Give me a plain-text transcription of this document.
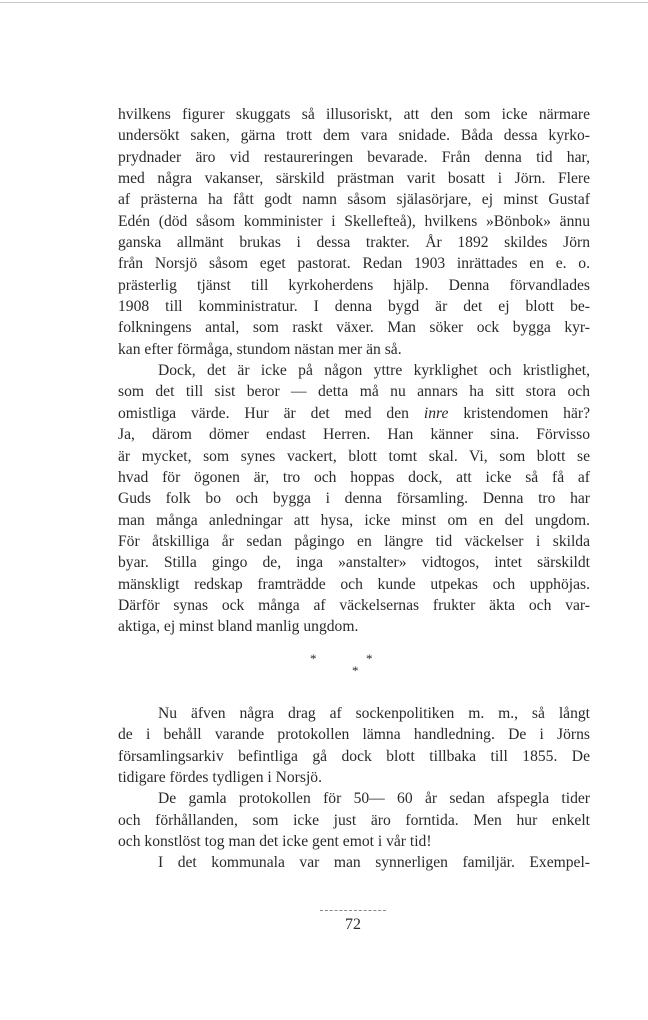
hvilkens figurer skuggats så illusoriskt, att den som icke närmare
undersökt saken, gärna trott dem vara snidade. Båda dessa kyrko-
prydnader äro vid restaureringen bevarade. Från denna tid har,
med några vakanser, särskild prästman varit bosatt i Jörn. Flere
af prästerna ha fått godt namn såsom själasörjare, ej minst Gustaf
Edén (död såsom komminister i Skellefteå), hvilkens »Bönbok» ännu
ganska allmänt brukas i dessa trakter. År 1892 skildes Jörn
från Norsjö såsom eget pastorat. Redan 1903 inrättades en e. o.
prästerlig tjänst till kyrkoherdens hjälp. Denna förvandlades
1908 till komministratur. I denna bygd är det ej blott be-
folkningens antal, som raskt växer. Man söker ock bygga kyr-
kan efter förmåga, stundom nästan mer än så.
Dock, det är icke på någon yttre kyrklighet och kristlighet,
som det till sist beror — detta må nu annars ha sitt stora och
omistliga värde. Hur är det med den inre kristendomen här?
Ja, därom dömer endast Herren. Han känner sina. Förvisso
är mycket, som synes vackert, blott tomt skal. Vi, som blott se
hvad för ögonen är, tro och hoppas dock, att icke så få af
Guds folk bo och bygga i denna församling. Denna tro har
man många anledningar att hysa, icke minst om en del ungdom.
För åtskilliga år sedan pågingo en längre tid väckelser i skilda
byar. Stilla gingo de, inga »anstalter» vidtogos, intet särskildt
mänskligt redskap framträdde och kunde utpekas och upphöjas.
Därför synas ock många af väckelsernas frukter äkta och var-
aktiga, ej minst bland manlig ungdom.
*	*
*
Nu äfven några drag af sockenpolitiken m. m., så långt
de i behåll varande protokollen lämna handledning. De i Jörns
församlingsarkiv befintliga gå dock blott tillbaka till 1855. De
tidigare fördes tydligen i Norsjö.
De gamla protokollen för 50— 60 år sedan afspegla tider
och förhållanden, som icke just äro forntida. Men hur enkelt
och konstlöst tog man det icke gent emot i vår tid!
I det kommunala var man synnerligen familjär. Exempel-
72
